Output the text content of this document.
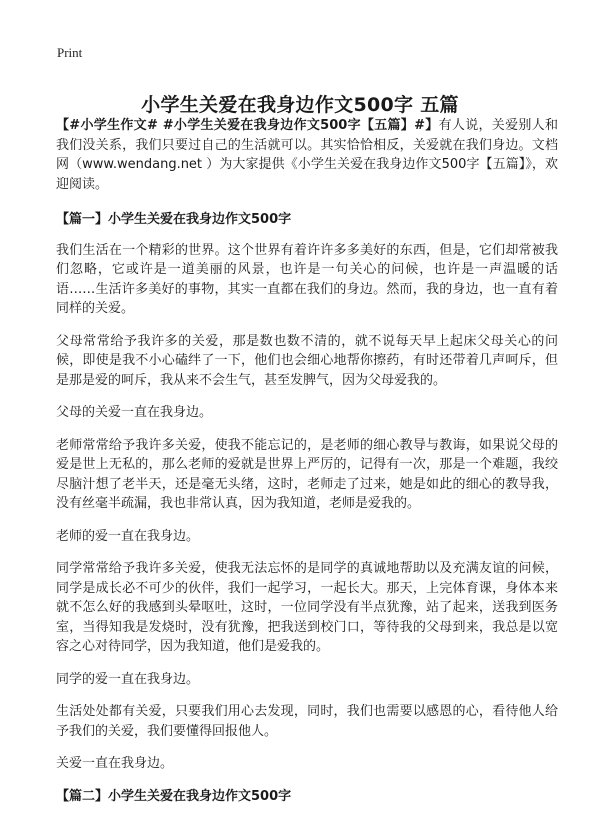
Print
小学生关爱在我身边作文500字 五篇

【#小学生作文# #小学生关爱在我身边作文500字【五篇】#】有人说，关爱别人和我们没关系，我们只要过自己的生活就可以。其实恰恰相反，关爱就在我们身边。文档网（www.wendang.net ）为大家提供《小学生关爱在我身边作文500字【五篇】》，欢迎阅读。

【篇一】小学生关爱在我身边作文500字

我们生活在一个精彩的世界。这个世界有着许许多多美好的东西，但是，它们却常被我们忽略，它或许是一道美丽的风景，也许是一句关心的问候，也许是一声温暖的话语……生活许多美好的事物，其实一直都在我们的身边。然而，我的身边，也一直有着同样的关爱。

父母常常给予我许多的关爱，那是数也数不清的，就不说每天早上起床父母关心的问候，即使是我不小心磕绊了一下，他们也会细心地帮你擦药，有时还带着几声呵斥，但是那是爱的呵斥，我从来不会生气，甚至发脾气，因为父母爱我的。

父母的关爱一直在我身边。

老师常常给予我许多关爱，使我不能忘记的，是老师的细心教导与教诲，如果说父母的爱是世上无私的，那么老师的爱就是世界上严厉的，记得有一次，那是一个难题，我绞尽脑汁想了老半天，还是毫无头绪，这时，老师走了过来，她是如此的细心的教导我，没有丝毫半疏漏，我也非常认真，因为我知道，老师是爱我的。

老师的爱一直在我身边。

同学常常给予我许多关爱，使我无法忘怀的是同学的真诚地帮助以及充满友谊的问候，同学是成长必不可少的伙伴，我们一起学习，一起长大。那天，上完体育课，身体本来就不怎么好的我感到头晕呕吐，这时，一位同学没有半点犹豫，站了起来，送我到医务室，当得知我是发烧时，没有犹豫，把我送到校门口，等待我的父母到来，我总是以宽容之心对待同学，因为我知道，他们是爱我的。

同学的爱一直在我身边。

生活处处都有关爱，只要我们用心去发现，同时，我们也需要以感恩的心，看待他人给予我们的关爱，我们要懂得回报他人。

关爱一直在我身边。

【篇二】小学生关爱在我身边作文500字
